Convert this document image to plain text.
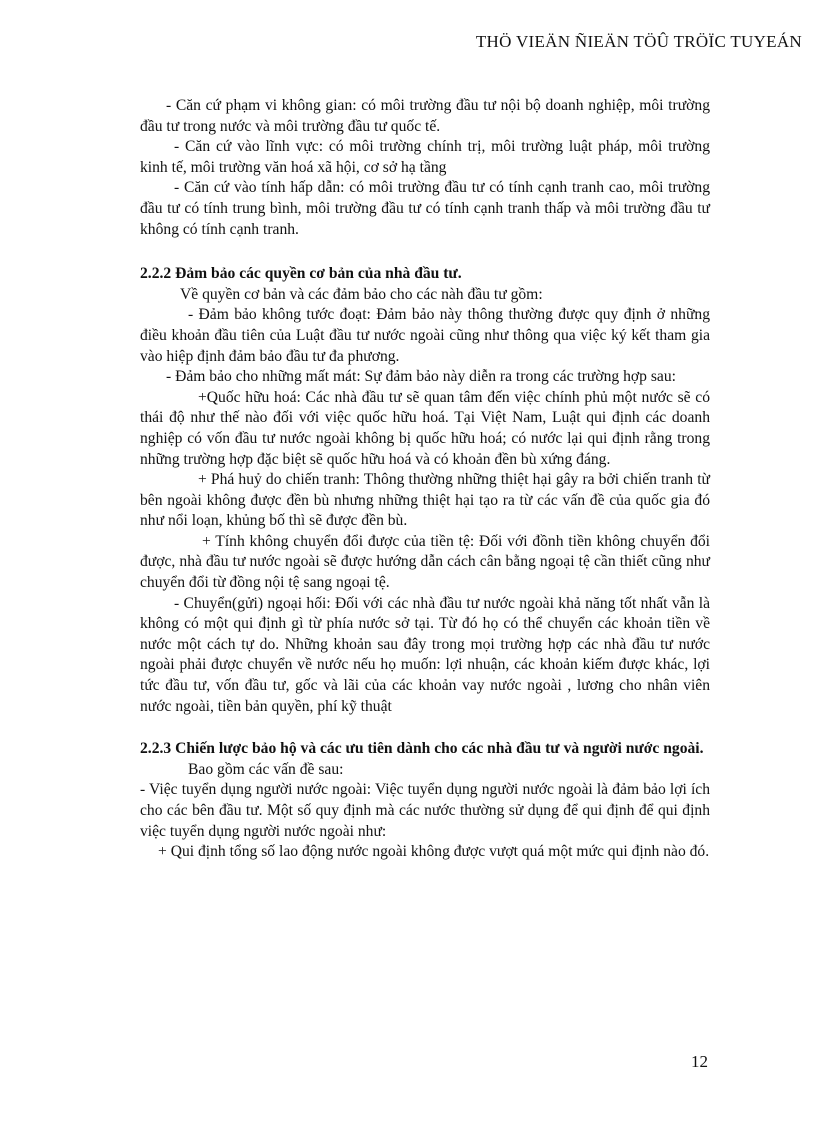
THÖ VIEÄN ÑIEÄN TÖÛ TRÖÏC TUYEÁN

- Căn cứ phạm vi không gian: có môi trường đầu tư nội bộ doanh nghiệp, môi trường đầu tư trong nước và môi trường đầu tư quốc tế.

- Căn cứ vào lĩnh vực: có môi trường chính trị, môi trường luật pháp, môi trường kinh tế, môi trường văn hoá xã hội, cơ sở hạ tầng

- Căn cứ vào tính hấp dẫn: có môi trường đầu tư có tính cạnh tranh cao, môi trường đầu tư có tính trung bình, môi trường đầu tư có tính cạnh tranh thấp và môi trường đầu tư không có tính cạnh tranh.

2.2.2 Đảm bảo các quyền cơ bản của nhà đầu tư.

Về quyền cơ bản và các đảm bảo cho các nàh đầu tư gồm:

- Đảm bảo không tước đoạt: Đảm bảo này thông thường được quy định ở những điều khoản đầu tiên của Luật đầu tư nước ngoài cũng như thông qua việc ký kết tham gia vào hiệp định đảm bảo đầu tư đa phương.

- Đảm bảo cho những mất mát: Sự đảm bảo này diễn ra trong các trường hợp sau:

+Quốc hữu hoá: Các nhà đầu tư sẽ quan tâm đến việc chính phủ một nước sẽ có thái độ như thế nào đối với việc quốc hữu hoá. Tại Việt Nam, Luật qui định các doanh nghiệp có vốn đầu tư nước ngoài không bị quốc hữu hoá; có nước lại qui định rằng trong những trường hợp đặc biệt sẽ quốc hữu hoá và có khoản đền bù xứng đáng.

+ Phá huỷ do chiến tranh: Thông thường những thiệt hại gây ra bởi chiến tranh từ bên ngoài không được đền bù nhưng những thiệt hại tạo ra từ các vấn đề của quốc gia đó như nổi loạn, khủng bố thì sẽ được đền bù.

+ Tính không chuyển đổi được của tiền tệ: Đối với đồnh tiền không chuyển đổi được, nhà đầu tư nước ngoài sẽ được hướng dẫn cách cân bằng ngoại tệ cần thiết cũng như chuyển đổi từ đồng nội tệ sang ngoại tệ.

- Chuyển(gửi) ngoại hối: Đối với các nhà đầu tư nước ngoài khả năng tốt nhất vẫn là không có một qui định gì từ phía nước sở tại. Từ đó họ có thể chuyển các khoản tiền về nước một cách tự do. Những khoản sau đây trong mọi trường hợp các nhà đầu tư nước ngoài phải được chuyển về nước nếu họ muốn: lợi nhuận, các khoản kiếm được khác, lợi tức đầu tư, vốn đầu tư, gốc và lãi của các khoản vay nước ngoài , lương cho nhân viên nước ngoài, tiền bản quyền, phí kỹ thuật

2.2.3 Chiến lược bảo hộ và các ưu tiên dành cho các nhà đầu tư và người nước ngoài.

Bao gồm các vấn đề sau:

- Việc tuyển dụng người nước ngoài: Việc tuyển dụng người nước ngoài là đảm bảo lợi ích cho các bên đầu tư. Một số quy định mà các nước thường sử dụng để qui định để qui định việc tuyển dụng người nước ngoài như:

+ Qui định tổng số lao động nước ngoài không được vượt quá một mức qui định nào đó.

12
